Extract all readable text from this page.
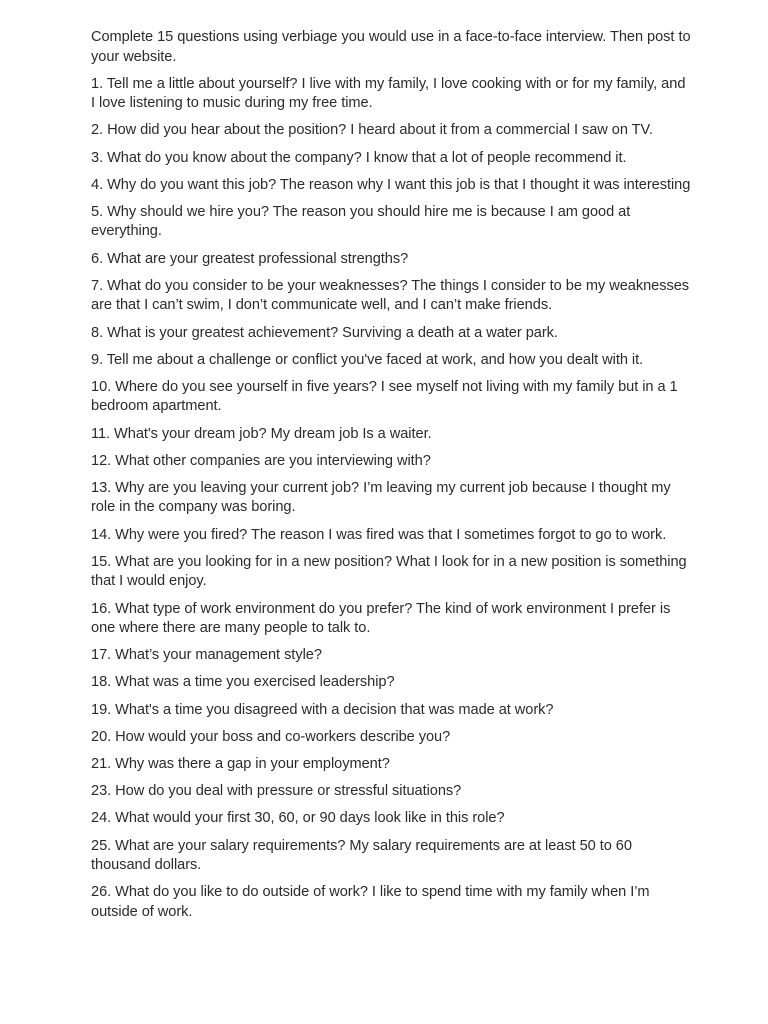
Complete 15 questions using verbiage you would use in a face-to-face interview. Then post to your website.

1. Tell me a little about yourself? I live with my family, I love cooking with or for my family, and I love listening to music during my free time.

2. How did you hear about the position? I heard about it from a commercial I saw on TV.

3. What do you know about the company? I know that a lot of people recommend it.

4. Why do you want this job? The reason why I want this job is that I thought it was interesting

5. Why should we hire you? The reason you should hire me is because I am good at everything.

6. What are your greatest professional strengths?

7. What do you consider to be your weaknesses? The things I consider to be my weaknesses are that I can’t swim, I don’t communicate well, and I can’t make friends.

8. What is your greatest achievement? Surviving a death at a water park.

9. Tell me about a challenge or conflict you've faced at work, and how you dealt with it.

10. Where do you see yourself in five years? I see myself not living with my family but in a 1 bedroom apartment.

11. What's your dream job? My dream job Is a waiter.

12. What other companies are you interviewing with?

13. Why are you leaving your current job? I’m leaving my current job because I thought my role in the company was boring.

14. Why were you fired? The reason I was fired was that I sometimes forgot to go to work.

15. What are you looking for in a new position? What I look for in a new position is something that I would enjoy.

16. What type of work environment do you prefer? The kind of work environment I prefer is one where there are many people to talk to.

17. What’s your management style?

18. What was a time you exercised leadership?

19. What's a time you disagreed with a decision that was made at work?

20. How would your boss and co-workers describe you?

21. Why was there a gap in your employment?

23. How do you deal with pressure or stressful situations?

24. What would your first 30, 60, or 90 days look like in this role?

25. What are your salary requirements? My salary requirements are at least 50 to 60 thousand dollars.

26. What do you like to do outside of work? I like to spend time with my family when I’m outside of work.
